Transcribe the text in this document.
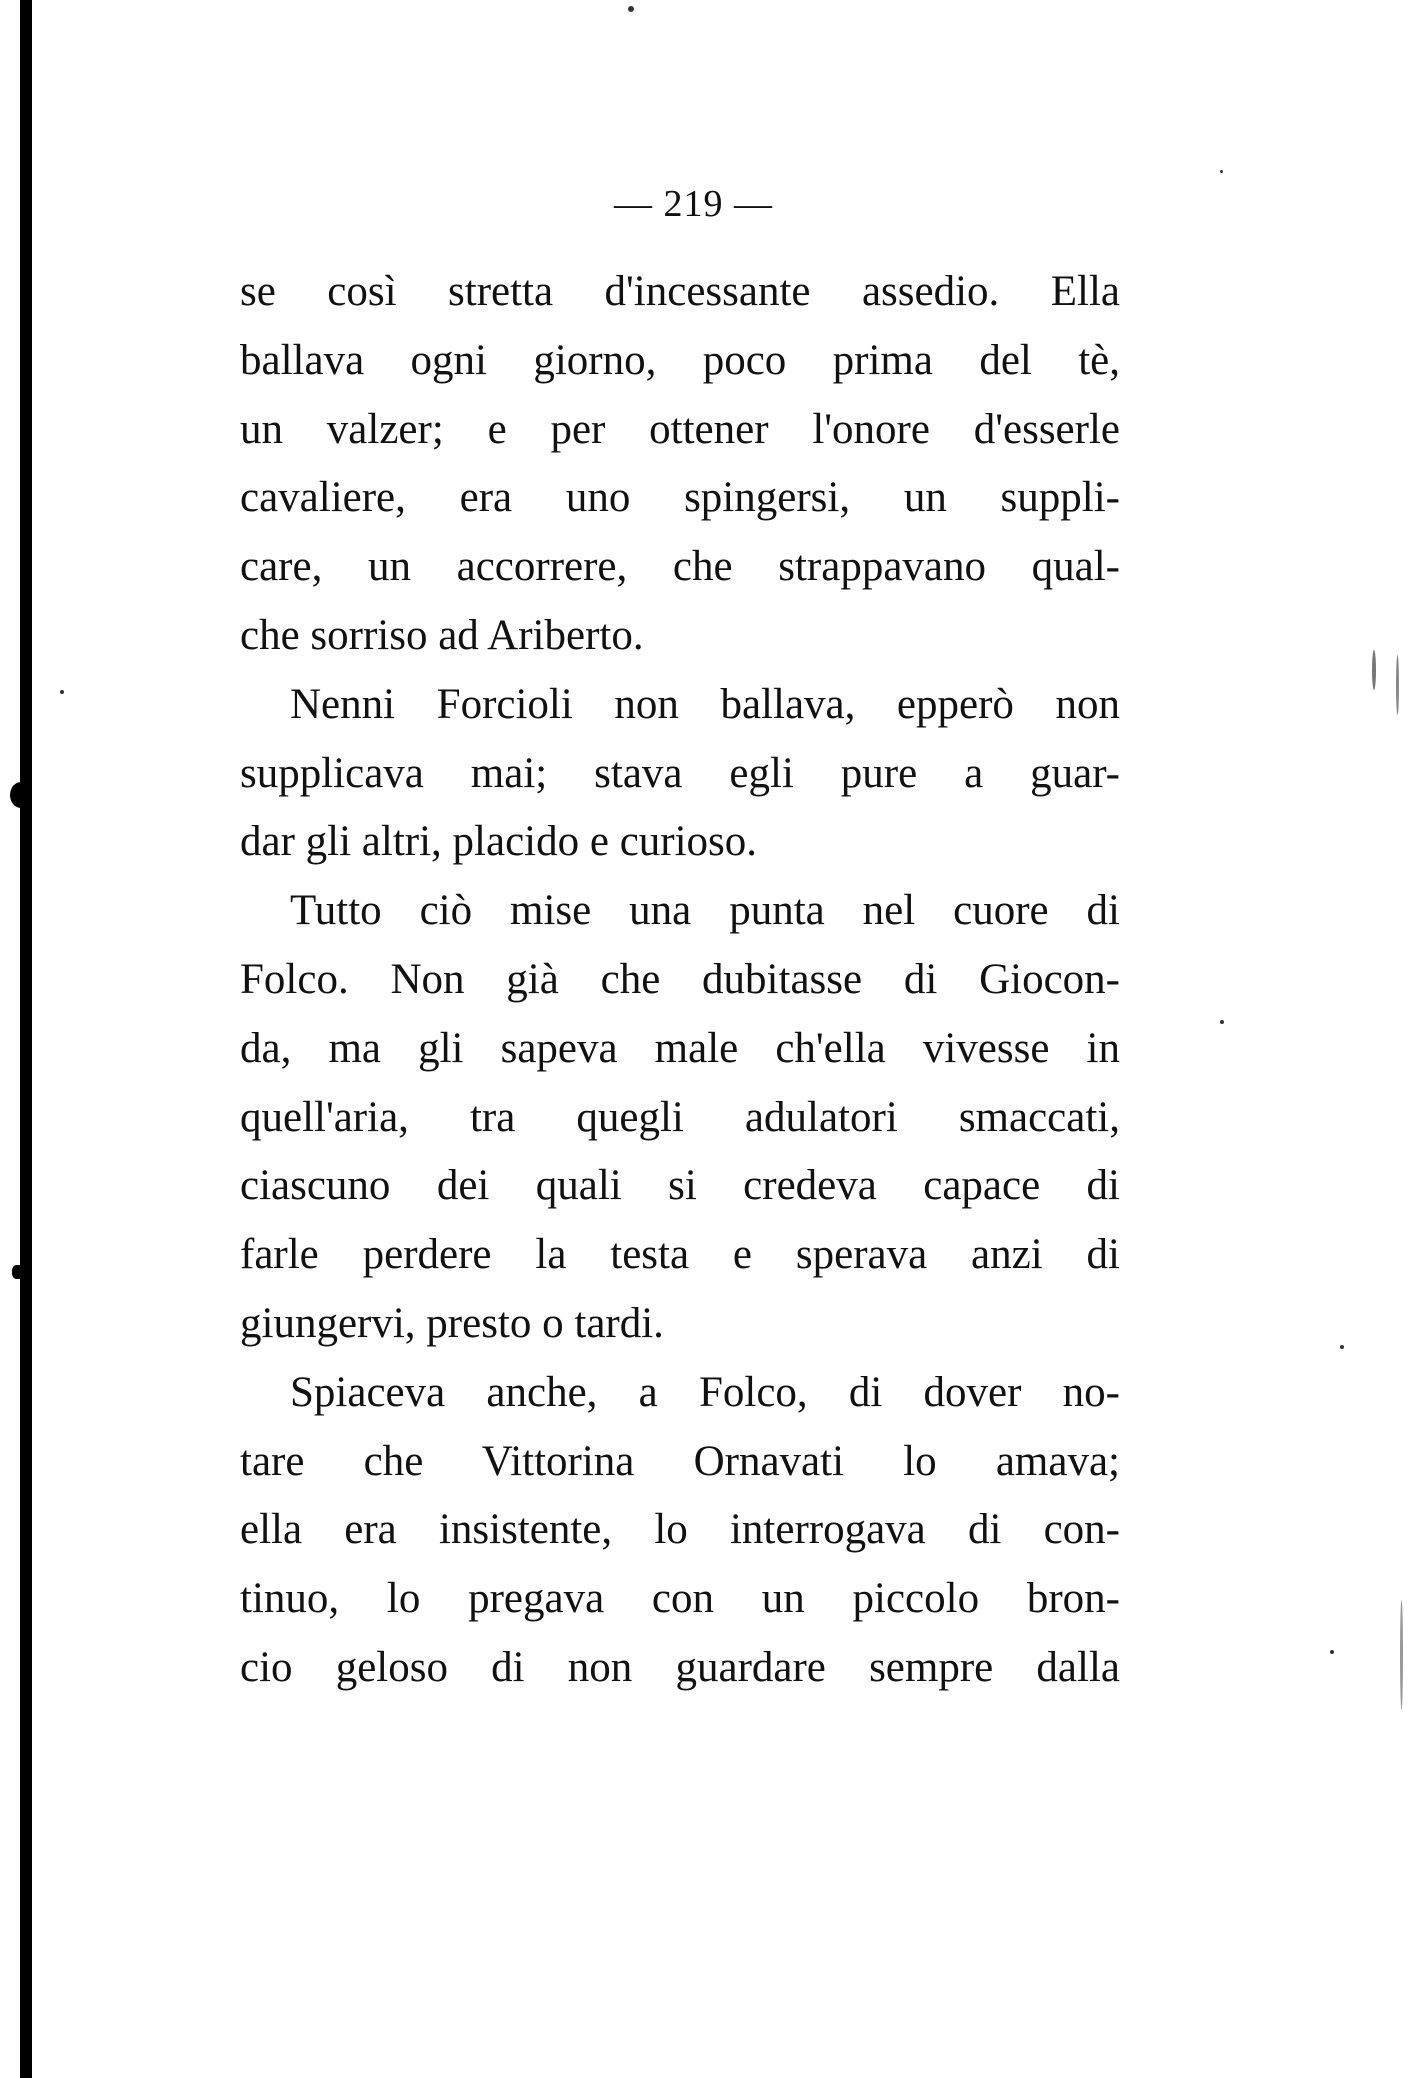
— 219 —
se così stretta d'incessante assedio. Ella
ballava ogni giorno, poco prima del tè,
un valzer; e per ottener l'onore d'esserle
cavaliere, era uno spingersi, un suppli-
care, un accorrere, che strappavano qual-
che sorriso ad Ariberto.
Nenni Forcioli non ballava, epperò non
supplicava mai; stava egli pure a guar-
dar gli altri, placido e curioso.
Tutto ciò mise una punta nel cuore di
Folco. Non già che dubitasse di Giocon-
da, ma gli sapeva male ch'ella vivesse in
quell'aria, tra quegli adulatori smaccati,
ciascuno dei quali si credeva capace di
farle perdere la testa e sperava anzi di
giungervi, presto o tardi.
Spiaceva anche, a Folco, di dover no-
tare che Vittorina Ornavati lo amava;
ella era insistente, lo interrogava di con-
tinuo, lo pregava con un piccolo bron-
cio geloso di non guardare sempre dalla
